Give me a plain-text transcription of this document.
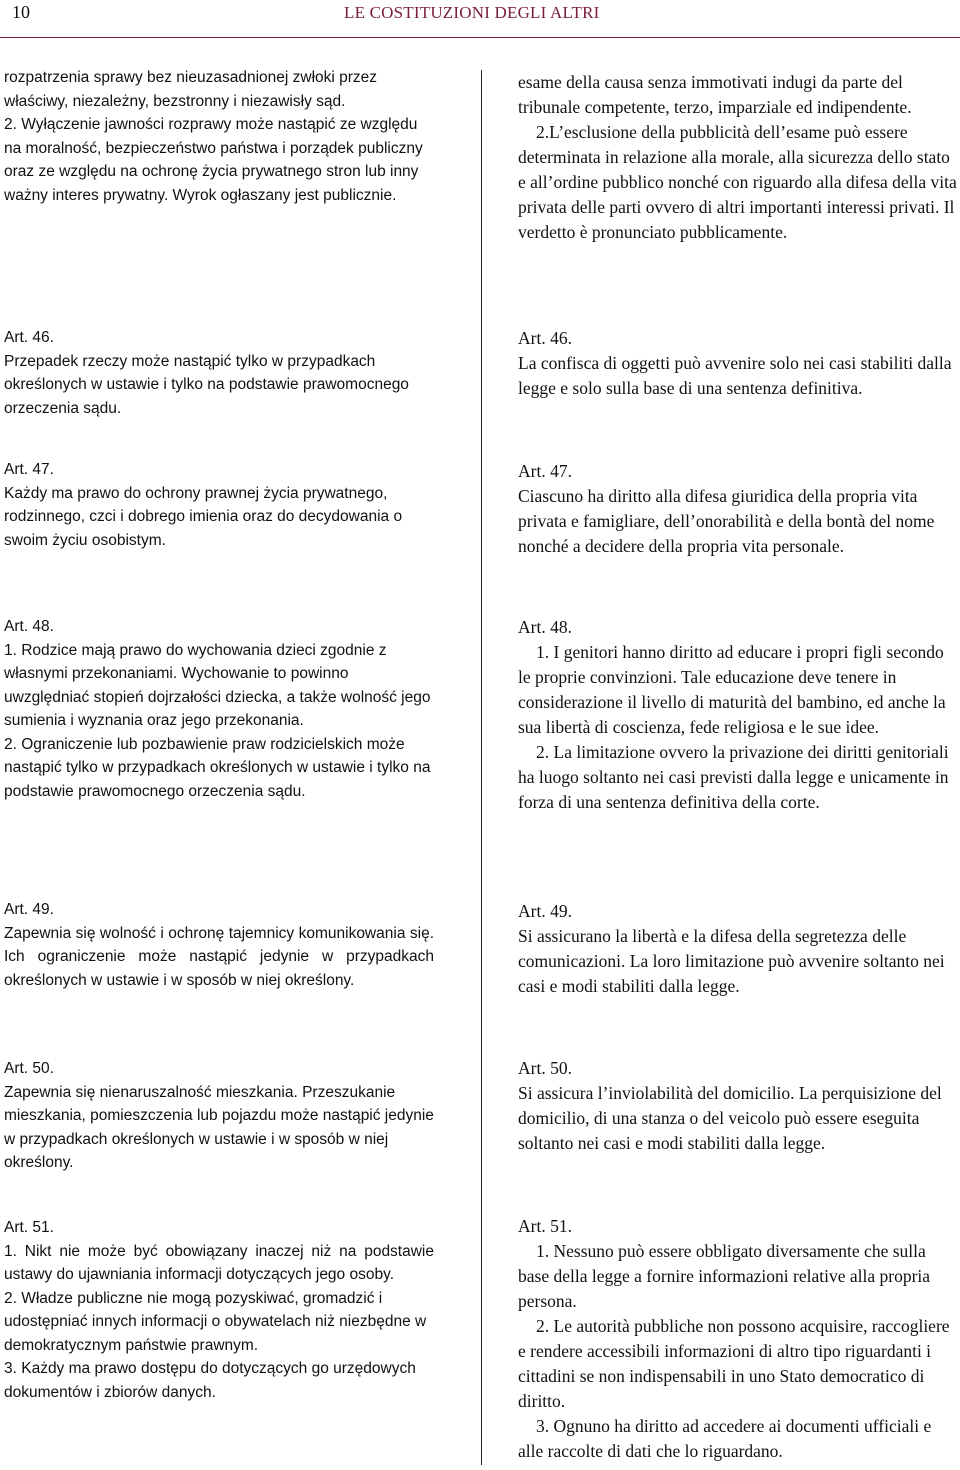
10	LE COSTITUZIONI DEGLI ALTRI

rozpatrzenia sprawy bez nieuzasadnionej zwłoki przez właściwy, niezależny, bezstronny i niezawisły sąd.

2. Wyłączenie jawności rozprawy może nastąpić ze względu na moralność, bezpieczeństwo państwa i porządek publiczny oraz ze względu na ochronę życia prywatnego stron lub inny ważny interes prywatny. Wyrok ogłaszany jest publicznie.

Art. 46.

Przepadek rzeczy może nastąpić tylko w przypadkach określonych w ustawie i tylko na podstawie prawomocnego orzeczenia sądu.

Art. 47.

Każdy ma prawo do ochrony prawnej życia prywatnego, rodzinnego, czci i dobrego imienia oraz do decydowania o swoim życiu osobistym.

Art. 48.

1. Rodzice mają prawo do wychowania dzieci zgodnie z własnymi przekonaniami. Wychowanie to powinno uwzględniać stopień dojrzałości dziecka, a także wolność jego sumienia i wyznania oraz jego przekonania.

2. Ograniczenie lub pozbawienie praw rodzicielskich może nastąpić tylko w przypadkach określonych w ustawie i tylko na podstawie prawomocnego orzeczenia sądu.

Art. 49.

Zapewnia się wolność i ochronę tajemnicy komunikowania się. Ich ograniczenie może nastąpić jedynie w przypadkach określonych w ustawie i w sposób w niej określony.

Art. 50.

Zapewnia się nienaruszalność mieszkania. Przeszukanie mieszkania, pomieszczenia lub pojazdu może nastąpić jedynie w przypadkach określonych w ustawie i w sposób w niej określony.

Art. 51.

1. Nikt nie może być obowiązany inaczej niż na podstawie ustawy do ujawniania informacji dotyczących jego osoby.

2. Władze publiczne nie mogą pozyskiwać, gromadzić i udostępniać innych informacji o obywatelach niż niezbędne w demokratycznym państwie prawnym.

3. Każdy ma prawo dostępu do dotyczących go urzędowych dokumentów i zbiorów danych.

esame della causa senza immotivati indugi da parte del tribunale competente, terzo, imparziale ed indipendente.

2.L’esclusione della pubblicità dell’esame può essere determinata in relazione alla morale, alla sicurezza dello stato e all’ordine pubblico nonché con riguardo alla difesa della vita privata delle parti ovvero di altri importanti interessi privati. Il verdetto è pronunciato pubblicamente.

Art. 46.

La confisca di oggetti può avvenire solo nei casi stabiliti dalla legge e solo sulla base di una sentenza definitiva.

Art. 47.

Ciascuno ha diritto alla difesa giuridica della propria vita privata e famigliare, dell’onorabilità e della bontà del nome nonché a decidere della propria vita personale.

Art. 48.

1. I genitori hanno diritto ad educare i propri figli secondo le proprie convinzioni. Tale educazione deve tenere in considerazione il livello di maturità del bambino, ed anche la sua libertà di coscienza, fede religiosa e le sue idee.

2. La limitazione ovvero la privazione dei diritti genitoriali ha luogo soltanto nei casi previsti dalla legge e unicamente in forza di una sentenza definitiva della corte.

Art. 49.

Si assicurano la libertà e la difesa della segretezza delle comunicazioni. La loro limitazione può avvenire soltanto nei casi e modi stabiliti dalla legge.

Art. 50.

Si assicura l’inviolabilità del domicilio. La perquisizione del domicilio, di una stanza o del veicolo può essere eseguita soltanto nei casi e modi stabiliti dalla legge.

Art. 51.

1. Nessuno può essere obbligato diversamente che sulla base della legge a fornire informazioni relative alla propria persona.

2. Le autorità pubbliche non possono acquisire, raccogliere e rendere accessibili informazioni di altro tipo riguardanti i cittadini se non indispensabili in uno Stato democratico di diritto.

3. Ognuno ha diritto ad accedere ai documenti ufficiali e alle raccolte di dati che lo riguardano.
